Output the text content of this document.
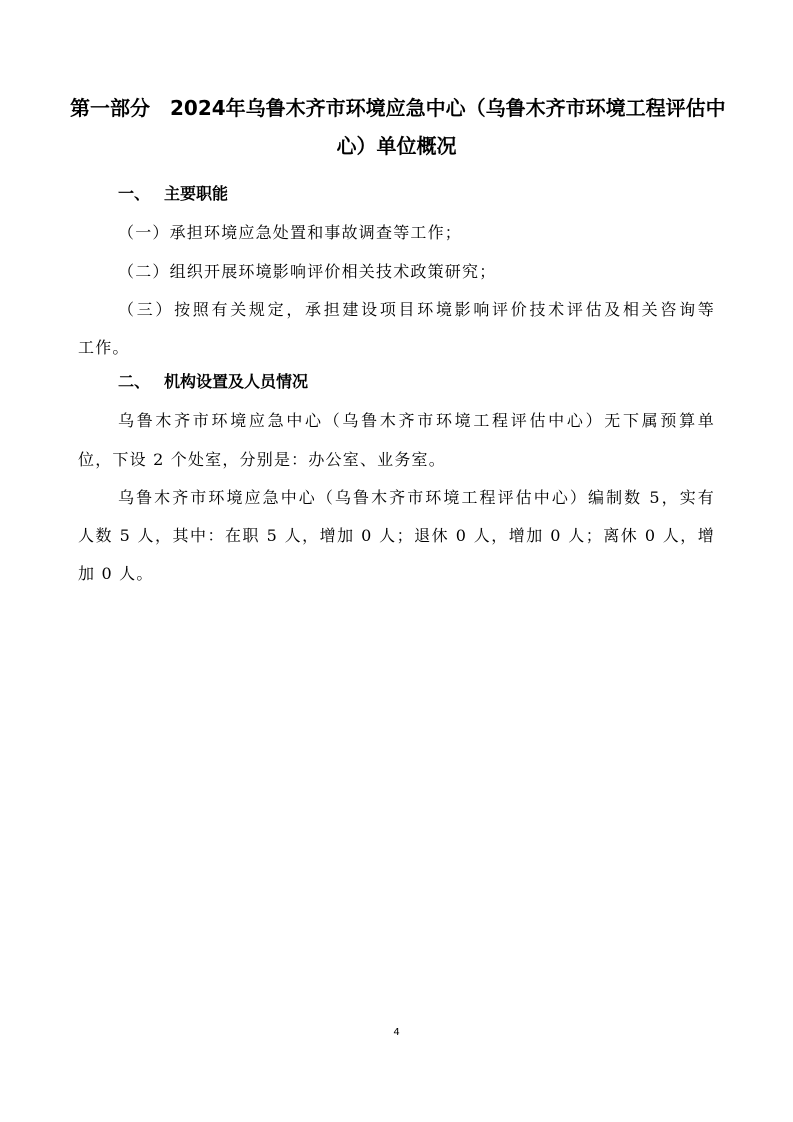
第一部分　2024年乌鲁木齐市环境应急中心（乌鲁木齐市环境工程评估中
心）单位概况
一、 主要职能
（一）承担环境应急处置和事故调查等工作；
（二）组织开展环境影响评价相关技术政策研究；
（三）按照有关规定，承担建设项目环境影响评价技术评估及相关咨询等
工作。
二、 机构设置及人员情况
乌鲁木齐市环境应急中心（乌鲁木齐市环境工程评估中心）无下属预算单
位，下设 2 个处室，分别是：办公室、业务室。
乌鲁木齐市环境应急中心（乌鲁木齐市环境工程评估中心）编制数 5，实有
人数 5 人，其中：在职 5 人，增加 0 人；退休 0 人，增加 0 人；离休 0 人，增
加 0 人。
4
